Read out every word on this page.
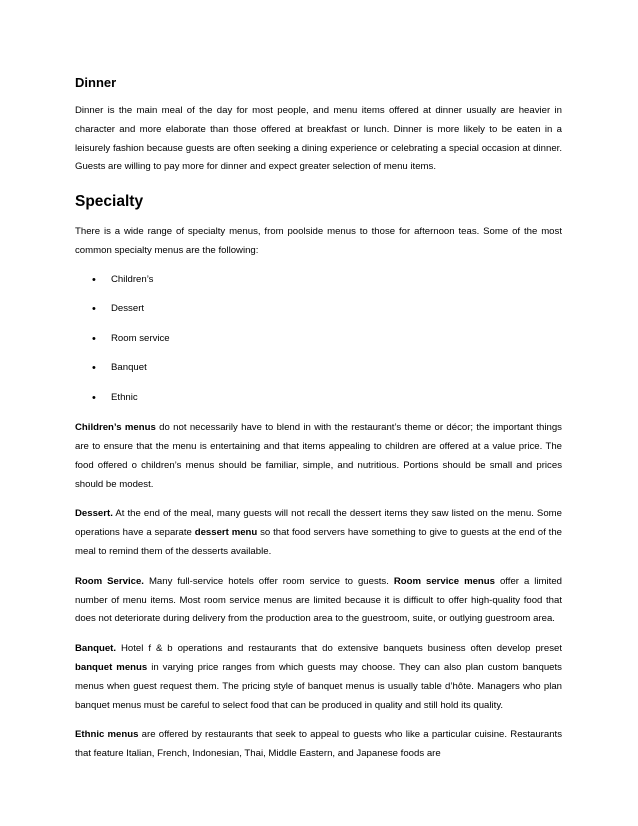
Dinner

Dinner is the main meal of the day for most people, and menu items offered at dinner usually are heavier in character and more elaborate than those offered at breakfast or lunch. Dinner is more likely to be eaten in a leisurely fashion because guests are often seeking a dining experience or celebrating a special occasion at dinner. Guests are willing to pay more for dinner and expect greater selection of menu items.

Specialty

There is a wide range of specialty menus, from poolside menus to those for afternoon teas. Some of the most common specialty menus are the following:

• Children’s
• Dessert
• Room service
• Banquet
• Ethnic

Children’s menus do not necessarily have to blend in with the restaurant’s theme or décor; the important things are to ensure that the menu is entertaining and that items appealing to children are offered at a value price. The food offered o children’s menus should be familiar, simple, and nutritious. Portions should be small and prices should be modest.

Dessert. At the end of the meal, many guests will not recall the dessert items they saw listed on the menu. Some operations have a separate dessert menu so that food servers have something to give to guests at the end of the meal to remind them of the desserts available.

Room Service. Many full-service hotels offer room service to guests. Room service menus offer a limited number of menu items. Most room service menus are limited because it is difficult to offer high-quality food that does not deteriorate during delivery from the production area to the guestroom, suite, or outlying guestroom area.

Banquet. Hotel f & b operations and restaurants that do extensive banquets business often develop preset banquet menus in varying price ranges from which guests may choose. They can also plan custom banquets menus when guest request them. The pricing style of banquet menus is usually table d’hôte. Managers who plan banquet menus must be careful to select food that can be produced in quality and still hold its quality.

Ethnic menus are offered by restaurants that seek to appeal to guests who like a particular cuisine. Restaurants that feature Italian, French, Indonesian, Thai, Middle Eastern, and Japanese foods are
